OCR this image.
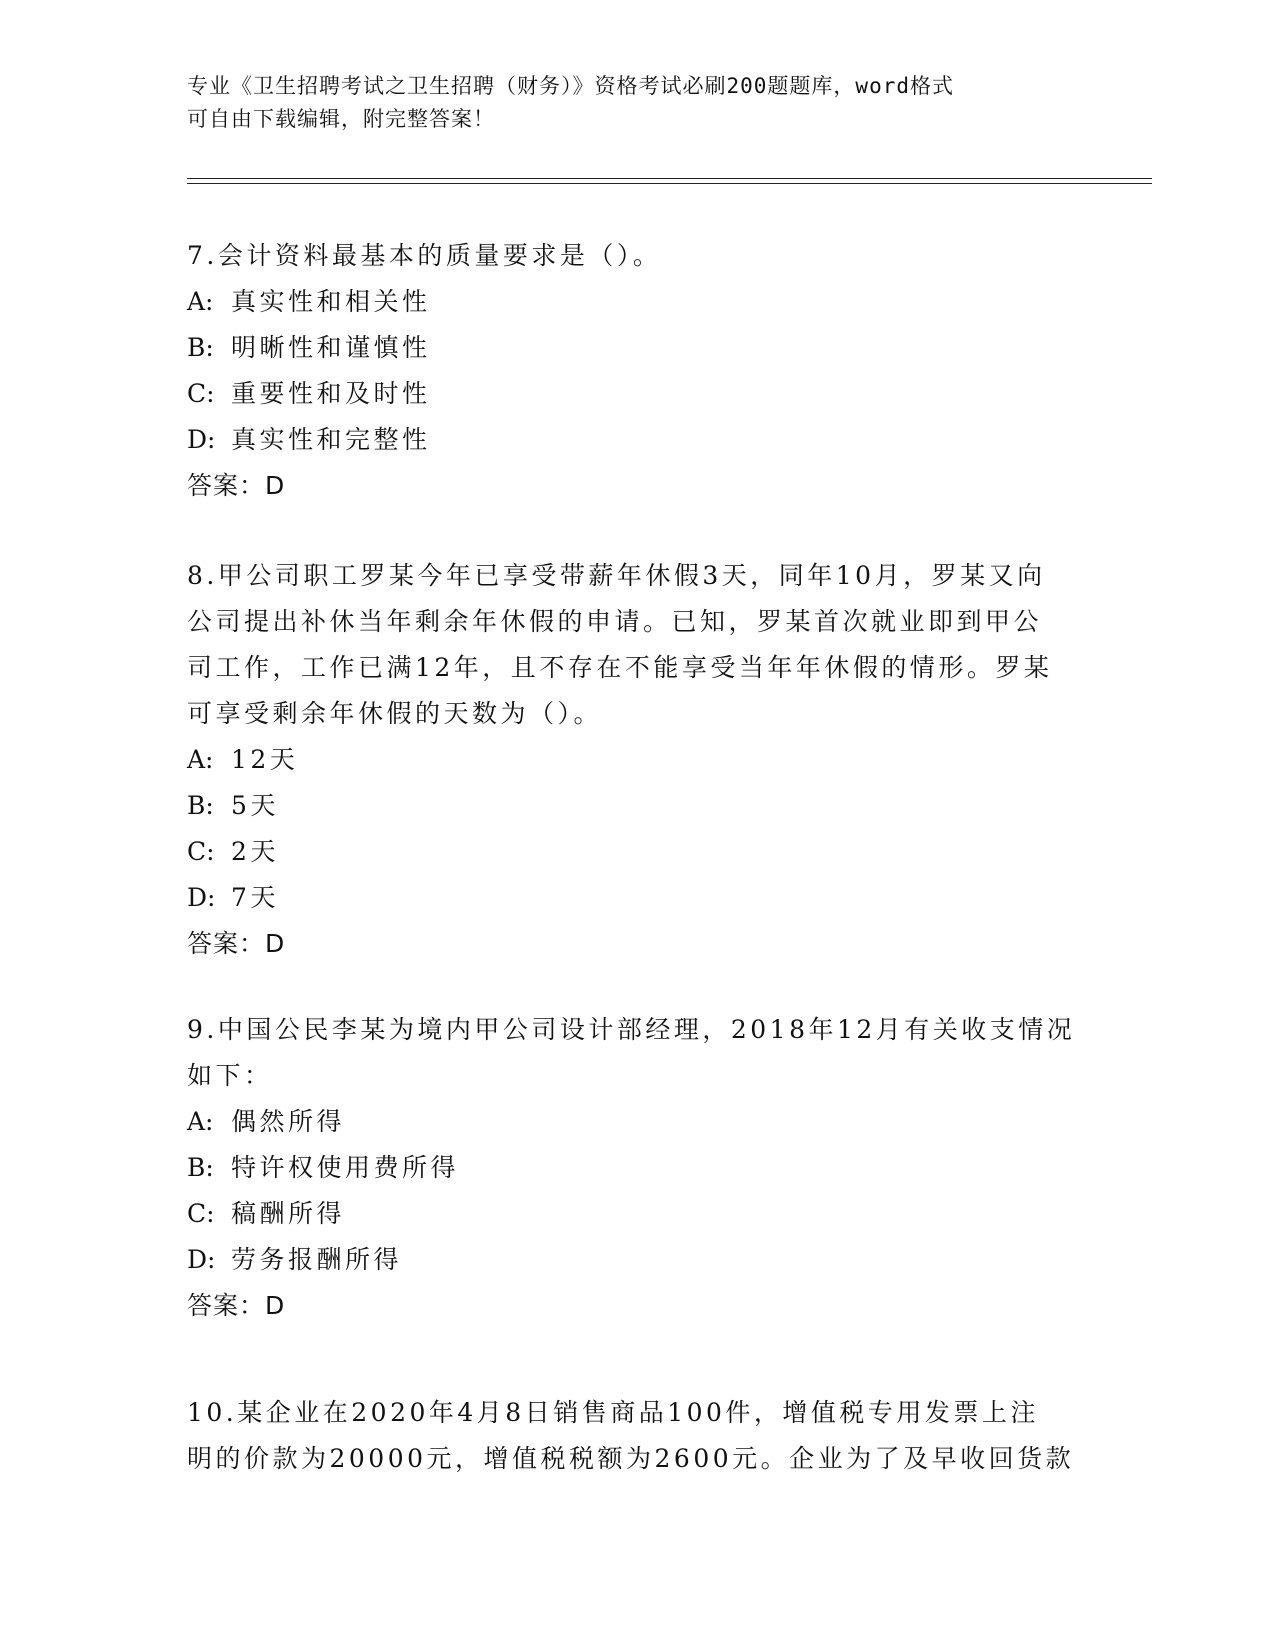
专业《卫生招聘考试之卫生招聘（财务）》资格考试必刷200题题库，word格式
可自由下载编辑，附完整答案！
7.会计资料最基本的质量要求是（）。
A: 真实性和相关性
B: 明晰性和谨慎性
C: 重要性和及时性
D: 真实性和完整性
答案：D
8.甲公司职工罗某今年已享受带薪年休假3天，同年10月，罗某又向
公司提出补休当年剩余年休假的申请。已知，罗某首次就业即到甲公
司工作，工作已满12年，且不存在不能享受当年年休假的情形。罗某
可享受剩余年休假的天数为（）。
A: 12天
B: 5天
C: 2天
D: 7天
答案：D
9.中国公民李某为境内甲公司设计部经理，2018年12月有关收支情况
如下：
A: 偶然所得
B: 特许权使用费所得
C: 稿酬所得
D: 劳务报酬所得
答案：D
10.某企业在2020年4月8日销售商品100件，增值税专用发票上注
明的价款为20000元，增值税税额为2600元。企业为了及早收回货款
